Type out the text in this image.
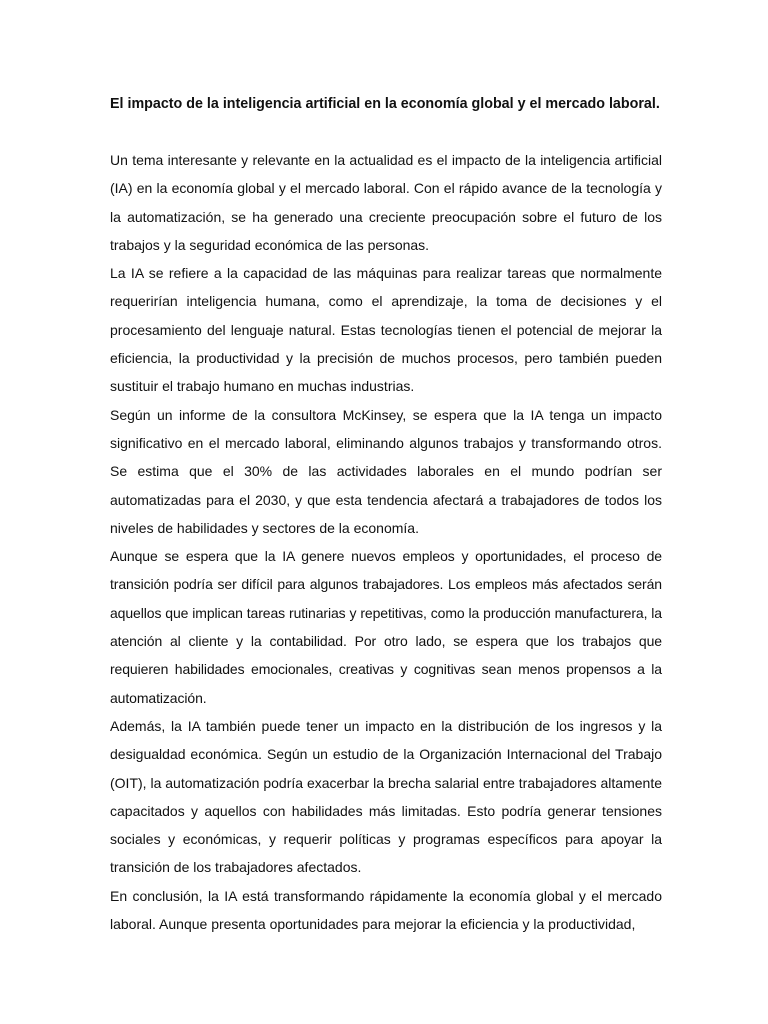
El impacto de la inteligencia artificial en la economía global y el mercado laboral.

Un tema interesante y relevante en la actualidad es el impacto de la inteligencia artificial (IA) en la economía global y el mercado laboral. Con el rápido avance de la tecnología y la automatización, se ha generado una creciente preocupación sobre el futuro de los trabajos y la seguridad económica de las personas.

La IA se refiere a la capacidad de las máquinas para realizar tareas que normalmente requerirían inteligencia humana, como el aprendizaje, la toma de decisiones y el procesamiento del lenguaje natural. Estas tecnologías tienen el potencial de mejorar la eficiencia, la productividad y la precisión de muchos procesos, pero también pueden sustituir el trabajo humano en muchas industrias.

Según un informe de la consultora McKinsey, se espera que la IA tenga un impacto significativo en el mercado laboral, eliminando algunos trabajos y transformando otros. Se estima que el 30% de las actividades laborales en el mundo podrían ser automatizadas para el 2030, y que esta tendencia afectará a trabajadores de todos los niveles de habilidades y sectores de la economía.

Aunque se espera que la IA genere nuevos empleos y oportunidades, el proceso de transición podría ser difícil para algunos trabajadores. Los empleos más afectados serán aquellos que implican tareas rutinarias y repetitivas, como la producción manufacturera, la atención al cliente y la contabilidad. Por otro lado, se espera que los trabajos que requieren habilidades emocionales, creativas y cognitivas sean menos propensos a la automatización.

Además, la IA también puede tener un impacto en la distribución de los ingresos y la desigualdad económica. Según un estudio de la Organización Internacional del Trabajo (OIT), la automatización podría exacerbar la brecha salarial entre trabajadores altamente capacitados y aquellos con habilidades más limitadas. Esto podría generar tensiones sociales y económicas, y requerir políticas y programas específicos para apoyar la transición de los trabajadores afectados.

En conclusión, la IA está transformando rápidamente la economía global y el mercado laboral. Aunque presenta oportunidades para mejorar la eficiencia y la productividad,
